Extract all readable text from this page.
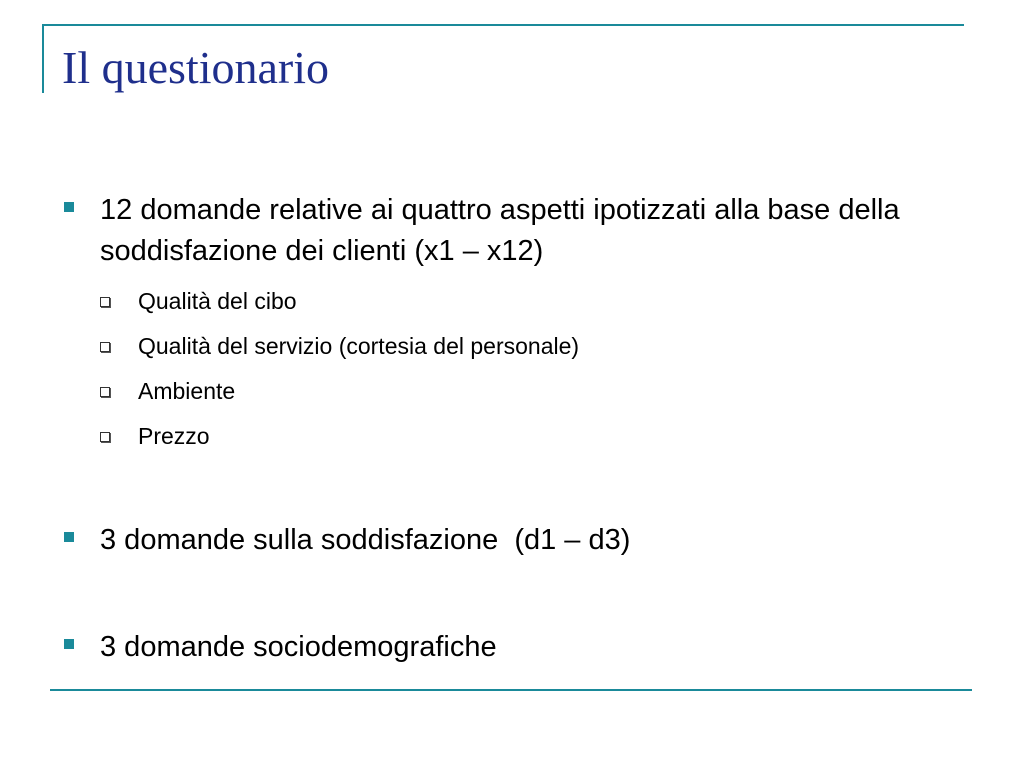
Il questionario
12 domande relative ai quattro aspetti ipotizzati alla base della soddisfazione dei clienti (x1 – x12)
Qualità del cibo
Qualità del servizio (cortesia del personale)
Ambiente
Prezzo
3 domande sulla soddisfazione  (d1 – d3)
3 domande sociodemografiche
